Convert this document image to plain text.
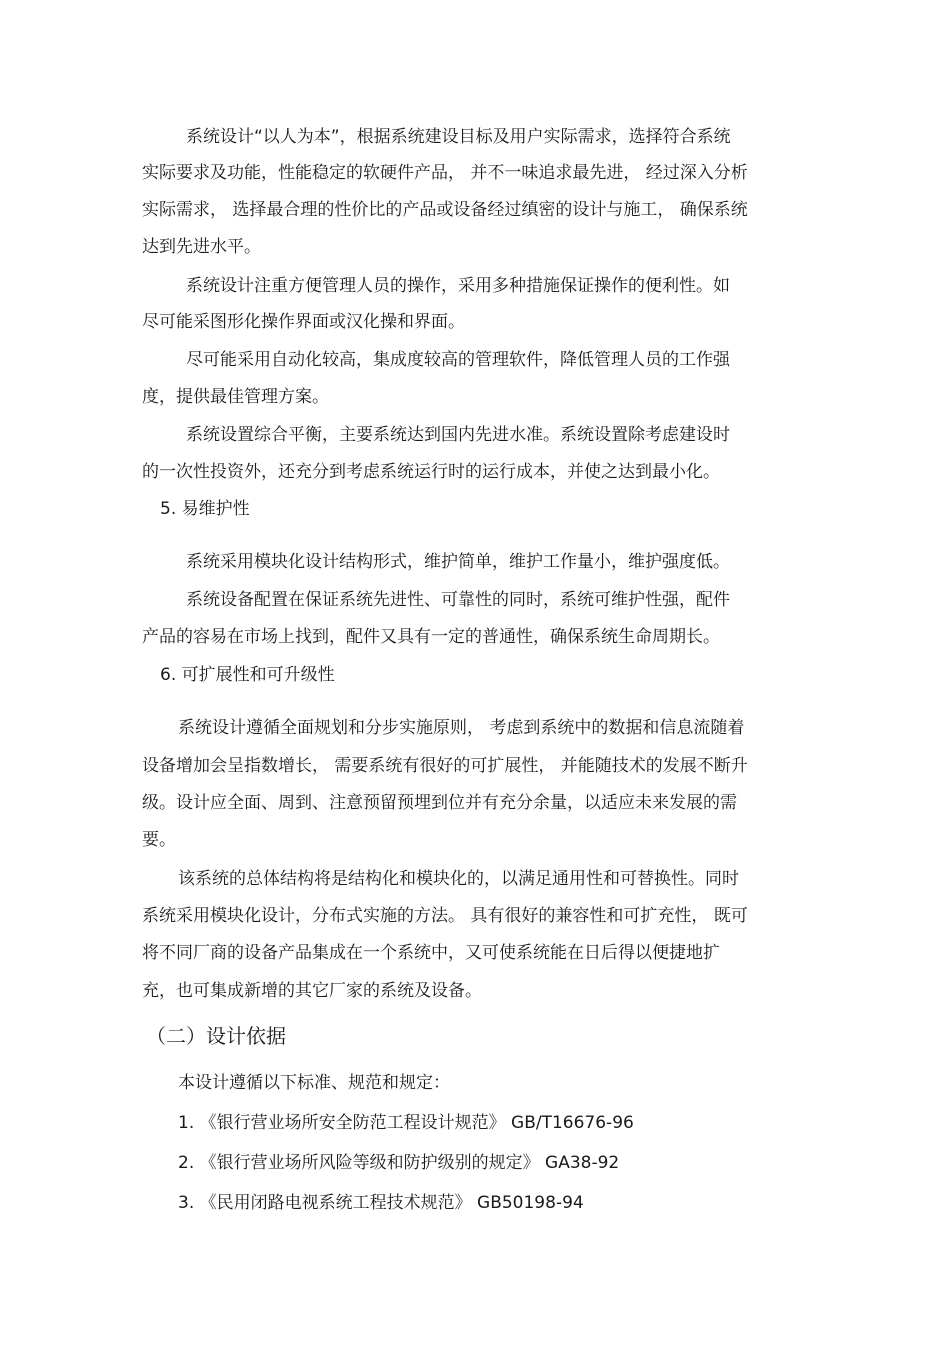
系统设计“以人为本”，根据系统建设目标及用户实际需求，选择符合系统
实际要求及功能，性能稳定的软硬件产品， 并不一味追求最先进， 经过深入分析
实际需求， 选择最合理的性价比的产品或设备经过缜密的设计与施工， 确保系统
达到先进水平。
系统设计注重方便管理人员的操作，采用多种措施保证操作的便利性。如
尽可能采图形化操作界面或汉化操和界面。
尽可能采用自动化较高，集成度较高的管理软件，降低管理人员的工作强
度，提供最佳管理方案。
系统设置综合平衡，主要系统达到国内先进水准。系统设置除考虑建设时
的一次性投资外，还充分到考虑系统运行时的运行成本，并使之达到最小化。
5. 易维护性
系统采用模块化设计结构形式，维护简单，维护工作量小，维护强度低。
系统设备配置在保证系统先进性、可靠性的同时，系统可维护性强，配件
产品的容易在市场上找到，配件又具有一定的普通性，确保系统生命周期长。
6. 可扩展性和可升级性
系统设计遵循全面规划和分步实施原则， 考虑到系统中的数据和信息流随着
设备增加会呈指数增长， 需要系统有很好的可扩展性， 并能随技术的发展不断升
级。设计应全面、周到、注意预留预埋到位并有充分余量，以适应未来发展的需
要。
该系统的总体结构将是结构化和模块化的，以满足通用性和可替换性。同时
系统采用模块化设计，分布式实施的方法。 具有很好的兼容性和可扩充性， 既可
将不同厂商的设备产品集成在一个系统中，又可使系统能在日后得以便捷地扩
充，也可集成新增的其它厂家的系统及设备。
（二）设计依据
本设计遵循以下标准、规范和规定：
1. 《银行营业场所安全防范工程设计规范》 GB/T16676-96
2. 《银行营业场所风险等级和防护级别的规定》 GA38-92
3. 《民用闭路电视系统工程技术规范》 GB50198-94
